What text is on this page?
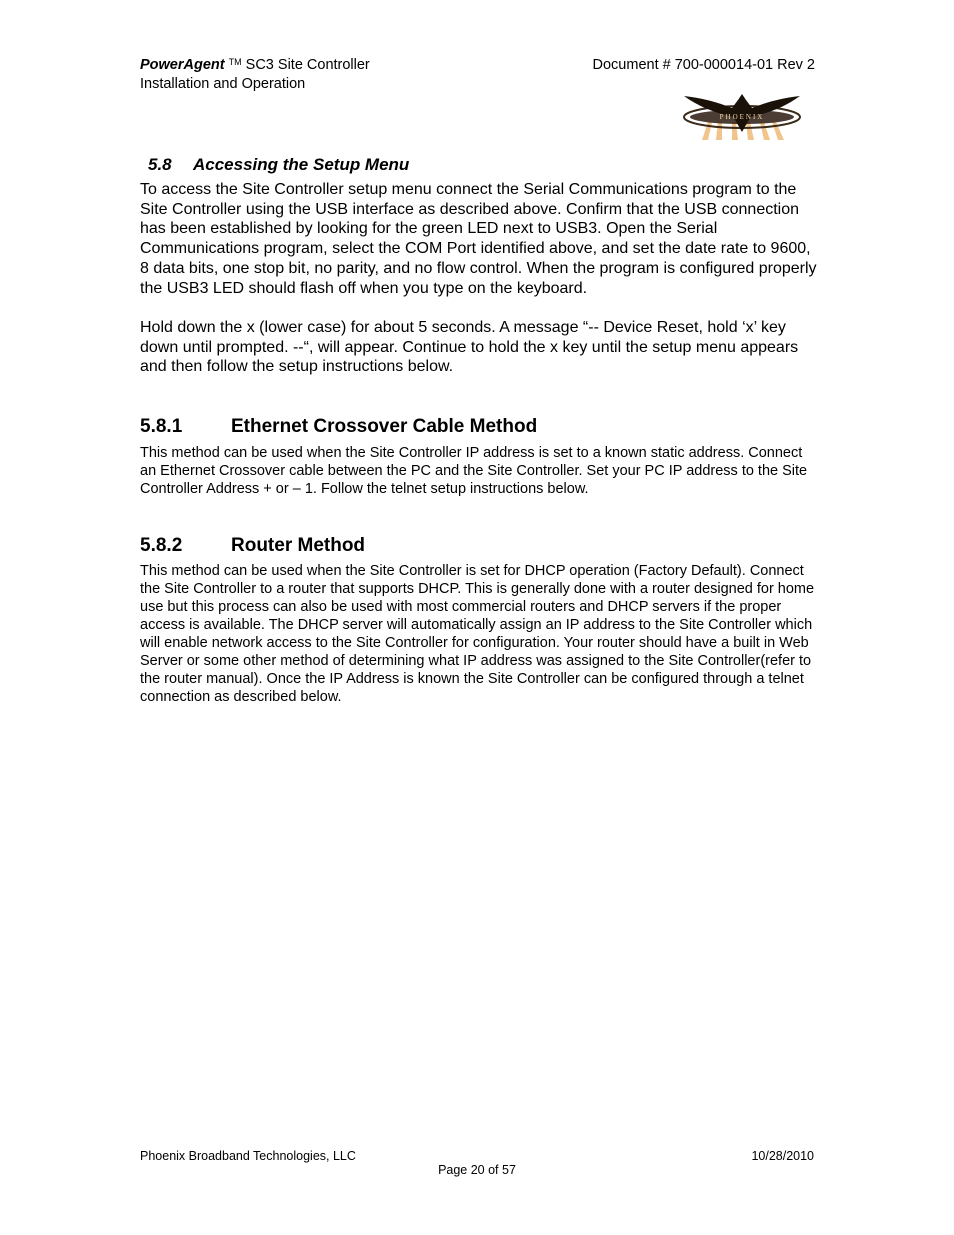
PowerAgent ™ SC3 Site Controller
Installation and Operation
Document # 700-000014-01 Rev 2
PHOENIX
5.8 Accessing the Setup Menu
To access the Site Controller setup menu connect the Serial Communications program to the Site Controller using the USB interface as described above. Confirm that the USB connection has been established by looking for the green LED next to USB3. Open the Serial Communications program, select the COM Port identified above, and set the date rate to 9600, 8 data bits, one stop bit, no parity, and no flow control. When the program is configured properly the USB3 LED should flash off when you type on the keyboard.
Hold down the x (lower case) for about 5 seconds. A message “-- Device Reset, hold ‘x’ key down until prompted. --“, will appear. Continue to hold the x key until the setup menu appears and then follow the setup instructions below.
5.8.1	Ethernet Crossover Cable Method
This method can be used when the Site Controller IP address is set to a known static address. Connect an Ethernet Crossover cable between the PC and the Site Controller. Set your PC IP address to the Site Controller Address + or – 1. Follow the telnet setup instructions below.
5.8.2	Router Method
This method can be used when the Site Controller is set for DHCP operation (Factory Default). Connect the Site Controller to a router that supports DHCP. This is generally done with a router designed for home use but this process can also be used with most commercial routers and DHCP servers if the proper access is available. The DHCP server will automatically assign an IP address to the Site Controller which will enable network access to the Site Controller for configuration. Your router should have a built in Web Server or some other method of determining what IP address was assigned to the Site Controller(refer to the router manual). Once the IP Address is known the Site Controller can be configured through a telnet connection as described below.
Phoenix Broadband Technologies, LLC	10/28/2010
Page 20 of 57
